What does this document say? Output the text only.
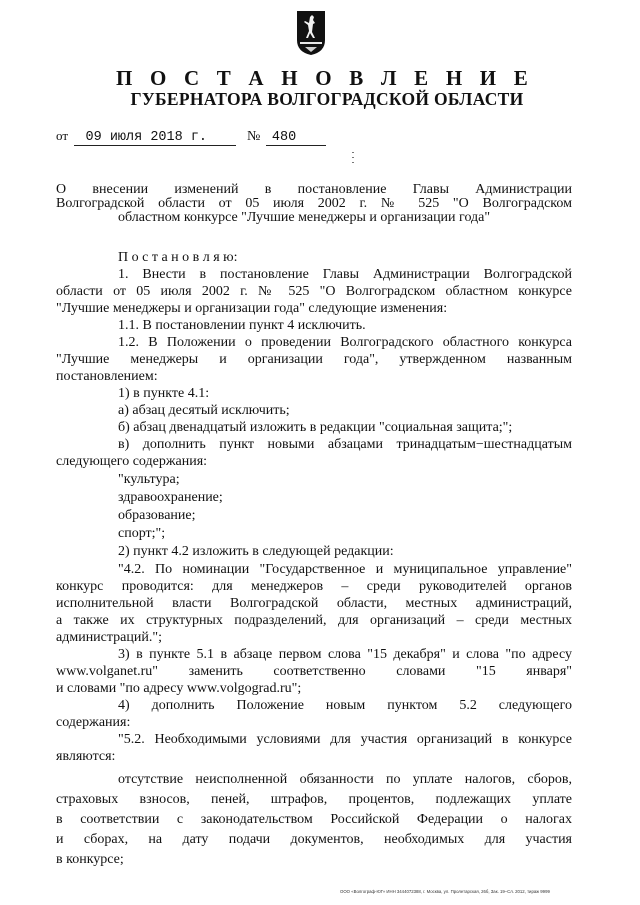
П О С Т А Н О В Л Е Н И Е
ГУБЕРНАТОРА ВОЛГОГРАДСКОЙ ОБЛАСТИ
от 09 июля 2018 г.	№ 480
О внесении изменений в постановление Главы Администрации
Волгоградской области от 05 июля 2002 г. № 525 "О Волгоградском
областном конкурсе "Лучшие менеджеры и организации года"
П о с т а н о в л я ю:
1. Внести в постановление Главы Администрации Волгоградской
области от 05 июля 2002 г. № 525 "О Волгоградском областном конкурсе
"Лучшие менеджеры и организации года" следующие изменения:
1.1. В постановлении пункт 4 исключить.
1.2. В Положении о проведении Волгоградского областного конкурса
"Лучшие менеджеры и организации года", утвержденном названным
постановлением:
1) в пункте 4.1:
а) абзац десятый исключить;
б) абзац двенадцатый изложить в редакции "социальная защита;";
в) дополнить пункт новыми абзацами тринадцатым−шестнадцатым
следующего содержания:
"культура;
здравоохранение;
образование;
спорт;";
2) пункт 4.2 изложить в следующей редакции:
"4.2. По номинации "Государственное и муниципальное управление"
конкурс проводится: для менеджеров – среди руководителей органов
исполнительной власти Волгоградской области, местных администраций,
а также их структурных подразделений, для организаций – среди местных
администраций.";
3) в пункте 5.1 в абзаце первом слова "15 декабря" и слова "по адресу
www.volganet.ru" заменить соответственно словами "15 января"
и словами "по адресу www.volgograd.ru";
4) дополнить Положение новым пунктом 5.2 следующего
содержания:
"5.2. Необходимыми условиями для участия организаций в конкурсе
являются:
отсутствие неисполненной обязанности по уплате налогов, сборов,
страховых взносов, пеней, штрафов, процентов, подлежащих уплате
в соответствии с законодательством Российской Федерации о налогах
и сборах, на дату подачи документов, необходимых для участия
в конкурсе;
ООО «Волгограф-ЮГ» ИНН 3444072388, г. Москва, ул. Пролетарская, 26б, Зак. 19–Сл. 2012, тираж 9999
